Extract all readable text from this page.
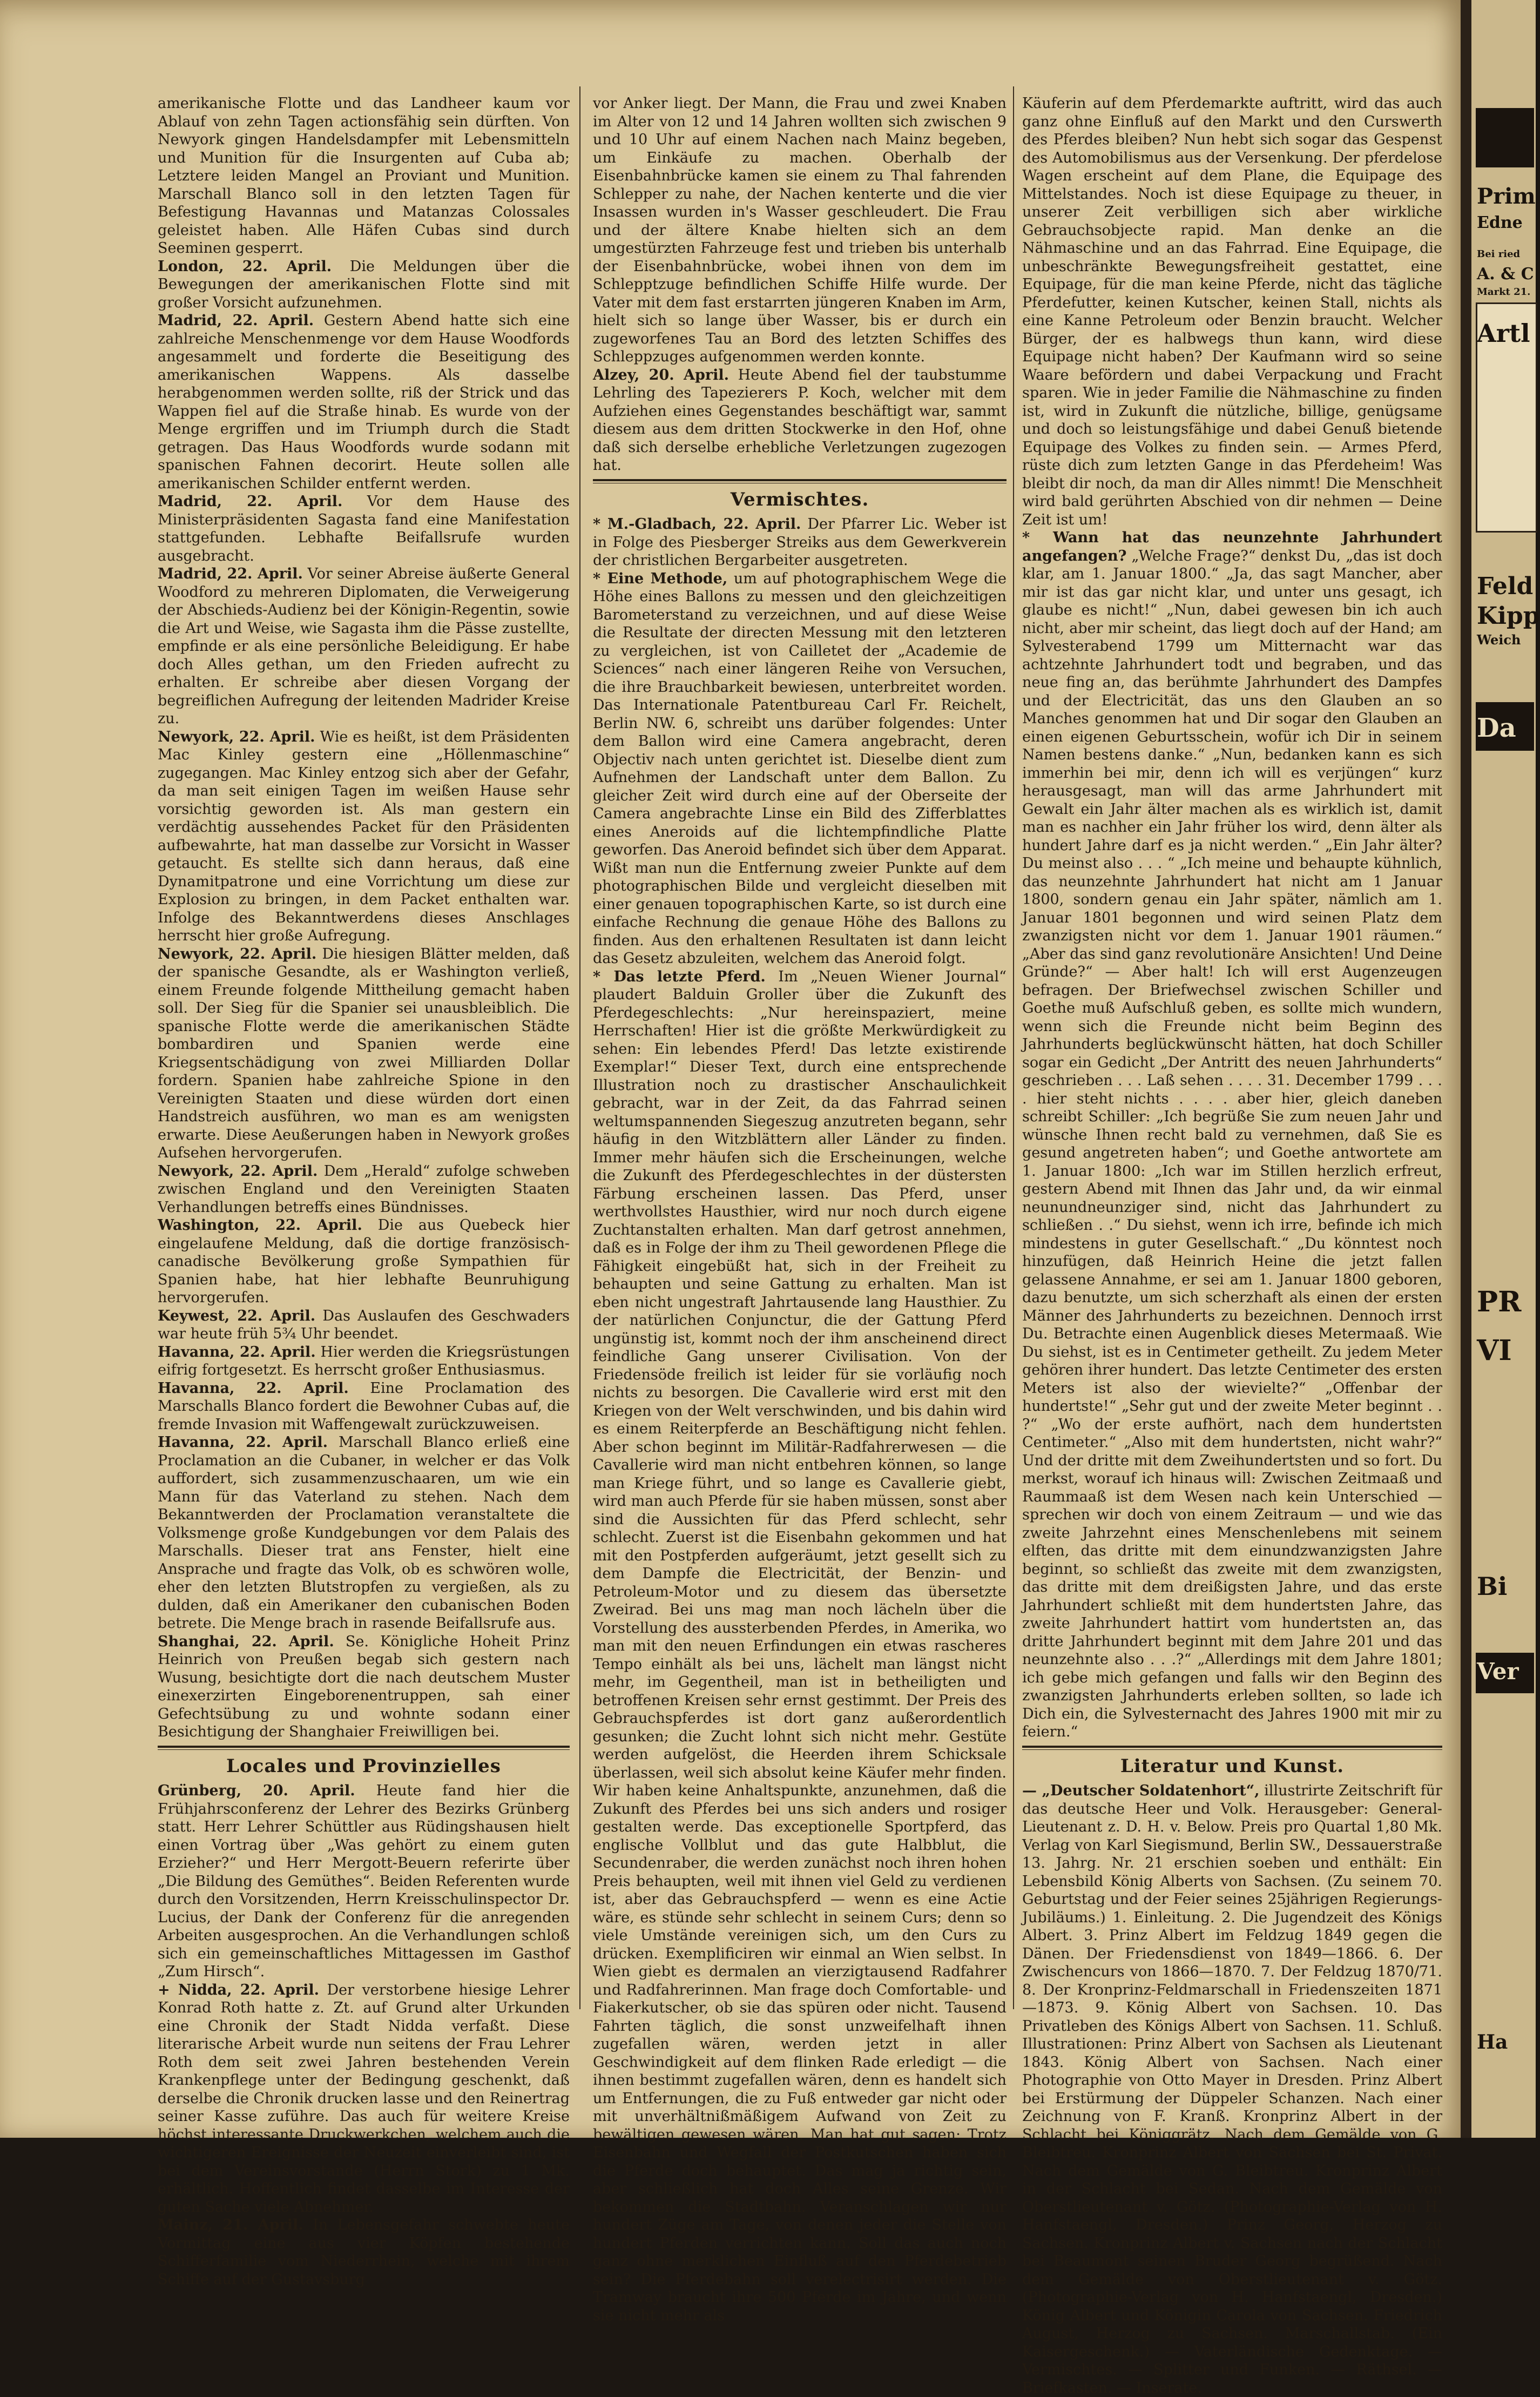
amerikanische Flotte und das Landheer kaum vor Ablauf von zehn Tagen actionsfähig sein dürften. Von Newyork gingen Handelsdampfer mit Lebensmitteln und Munition für die Insurgenten auf Cuba ab; Letztere leiden Mangel an Proviant und Munition. Marschall Blanco soll in den letzten Tagen für Befestigung Havannas und Matanzas Colossales geleistet haben. Alle Häfen Cubas sind durch Seeminen gesperrt.

London, 22. April. Die Meldungen über die Bewegungen der amerikanischen Flotte sind mit großer Vorsicht aufzunehmen.

Madrid, 22. April. Gestern Abend hatte sich eine zahlreiche Menschenmenge vor dem Hause Woodfords angesammelt und forderte die Beseitigung des amerikanischen Wappens. Als dasselbe herabgenommen werden sollte, riß der Strick und das Wappen fiel auf die Straße hinab. Es wurde von der Menge ergriffen und im Triumph durch die Stadt getragen. Das Haus Woodfords wurde sodann mit spanischen Fahnen decorirt. Heute sollen alle amerikanischen Schilder entfernt werden.

Madrid, 22. April. Vor dem Hause des Ministerpräsidenten Sagasta fand eine Manifestation stattgefunden. Lebhafte Beifallsrufe wurden ausgebracht.

Madrid, 22. April. Vor seiner Abreise äußerte General Woodford zu mehreren Diplomaten, die Verweigerung der Abschieds-Audienz bei der Königin-Regentin, sowie die Art und Weise, wie Sagasta ihm die Pässe zustellte, empfinde er als eine persönliche Beleidigung. Er habe doch Alles gethan, um den Frieden aufrecht zu erhalten. Er schreibe aber diesen Vorgang der begreiflichen Aufregung der leitenden Madrider Kreise zu.

Newyork, 22. April. Wie es heißt, ist dem Präsidenten Mac Kinley gestern eine „Höllenmaschine“ zugegangen. Mac Kinley entzog sich aber der Gefahr, da man seit einigen Tagen im weißen Hause sehr vorsichtig geworden ist. Als man gestern ein verdächtig aussehendes Packet für den Präsidenten aufbewahrte, hat man dasselbe zur Vorsicht in Wasser getaucht. Es stellte sich dann heraus, daß eine Dynamitpatrone und eine Vorrichtung um diese zur Explosion zu bringen, in dem Packet enthalten war. Infolge des Bekanntwerdens dieses Anschlages herrscht hier große Aufregung.

Newyork, 22. April. Die hiesigen Blätter melden, daß der spanische Gesandte, als er Washington verließ, einem Freunde folgende Mittheilung gemacht haben soll. Der Sieg für die Spanier sei unausbleiblich. Die spanische Flotte werde die amerikanischen Städte bombardiren und Spanien werde eine Kriegsentschädigung von zwei Milliarden Dollar fordern. Spanien habe zahlreiche Spione in den Vereinigten Staaten und diese würden dort einen Handstreich ausführen, wo man es am wenigsten erwarte. Diese Aeußerungen haben in Newyork großes Aufsehen hervorgerufen.

Newyork, 22. April. Dem „Herald“ zufolge schweben zwischen England und den Vereinigten Staaten Verhandlungen betreffs eines Bündnisses.

Washington, 22. April. Die aus Quebeck hier eingelaufene Meldung, daß die dortige französisch-canadische Bevölkerung große Sympathien für Spanien habe, hat hier lebhafte Beunruhigung hervorgerufen.

Keywest, 22. April. Das Auslaufen des Geschwaders war heute früh 5¾ Uhr beendet.

Havanna, 22. April. Hier werden die Kriegsrüstungen eifrig fortgesetzt. Es herrscht großer Enthusiasmus.

Havanna, 22. April. Eine Proclamation des Marschalls Blanco fordert die Bewohner Cubas auf, die fremde Invasion mit Waffengewalt zurückzuweisen.

Havanna, 22. April. Marschall Blanco erließ eine Proclamation an die Cubaner, in welcher er das Volk auffordert, sich zusammenzuschaaren, um wie ein Mann für das Vaterland zu stehen. Nach dem Bekanntwerden der Proclamation veranstaltete die Volksmenge große Kundgebungen vor dem Palais des Marschalls. Dieser trat ans Fenster, hielt eine Ansprache und fragte das Volk, ob es schwören wolle, eher den letzten Blutstropfen zu vergießen, als zu dulden, daß ein Amerikaner den cubanischen Boden betrete. Die Menge brach in rasende Beifallsrufe aus.

Shanghai, 22. April. Se. Königliche Hoheit Prinz Heinrich von Preußen begab sich gestern nach Wusung, besichtigte dort die nach deutschem Muster einexerzirten Eingeborenentruppen, sah einer Gefechtsübung zu und wohnte sodann einer Besichtigung der Shanghaier Freiwilligen bei.

Locales und Provinzielles

Grünberg, 20. April. Heute fand hier die Frühjahrsconferenz der Lehrer des Bezirks Grünberg statt. Herr Lehrer Schüttler aus Rüdingshausen hielt einen Vortrag über „Was gehört zu einem guten Erzieher?“ und Herr Mergott-Beuern referirte über „Die Bildung des Gemüthes“. Beiden Referenten wurde durch den Vorsitzenden, Herrn Kreisschulinspector Dr. Lucius, der Dank der Conferenz für die anregenden Arbeiten ausgesprochen. An die Verhandlungen schloß sich ein gemeinschaftliches Mittagessen im Gasthof „Zum Hirsch“.

+ Nidda, 22. April. Der verstorbene hiesige Lehrer Konrad Roth hatte z. Zt. auf Grund alter Urkunden eine Chronik der Stadt Nidda verfaßt. Diese literarische Arbeit wurde nun seitens der Frau Lehrer Roth dem seit zwei Jahren bestehenden Verein Krankenpflege unter der Bedingung geschenkt, daß derselbe die Chronik drucken lasse und den Reinertrag seiner Kasse zuführe. Das auch für weitere Kreise höchst interessante Druckwerkchen, welchem auch die wichtigeren Ereignisse der Neuzeit einverleibt sind, ist bei dem Vereinsvorstande (Herrn Stork) zu 1 Mk. erhältlich. Hoffentlich findet dasselbe im Interesse der guten Sache viele Abnehmer.

Mainz, 21. April. In Lebensgefahr schwebte heute Vormittag eine aus vier Köpfen bestehende Schifferfamilie vom Niederrhein, welche mit ihrem Schiffe auf der Gustavsburg

vor Anker liegt. Der Mann, die Frau und zwei Knaben im Alter von 12 und 14 Jahren wollten sich zwischen 9 und 10 Uhr auf einem Nachen nach Mainz begeben, um Einkäufe zu machen. Oberhalb der Eisenbahnbrücke kamen sie einem zu Thal fahrenden Schlepper zu nahe, der Nachen kenterte und die vier Insassen wurden in's Wasser geschleudert. Die Frau und der ältere Knabe hielten sich an dem umgestürzten Fahrzeuge fest und trieben bis unterhalb der Eisenbahnbrücke, wobei ihnen von dem im Schlepptzuge befindlichen Schiffe Hilfe wurde. Der Vater mit dem fast erstarrten jüngeren Knaben im Arm, hielt sich so lange über Wasser, bis er durch ein zugeworfenes Tau an Bord des letzten Schiffes des Schleppzuges aufgenommen werden konnte.

Alzey, 20. April. Heute Abend fiel der taubstumme Lehrling des Tapezierers P. Koch, welcher mit dem Aufziehen eines Gegenstandes beschäftigt war, sammt diesem aus dem dritten Stockwerke in den Hof, ohne daß sich derselbe erhebliche Verletzungen zugezogen hat.

Vermischtes.

* M.-Gladbach, 22. April. Der Pfarrer Lic. Weber ist in Folge des Piesberger Streiks aus dem Gewerkverein der christlichen Bergarbeiter ausgetreten.

* Eine Methode, um auf photographischem Wege die Höhe eines Ballons zu messen und den gleichzeitigen Barometerstand zu verzeichnen, und auf diese Weise die Resultate der directen Messung mit den letzteren zu vergleichen, ist von Cailletet der „Academie de Sciences“ nach einer längeren Reihe von Versuchen, die ihre Brauchbarkeit bewiesen, unterbreitet worden. Das Internationale Patentbureau Carl Fr. Reichelt, Berlin NW. 6, schreibt uns darüber folgendes: Unter dem Ballon wird eine Camera angebracht, deren Objectiv nach unten gerichtet ist. Dieselbe dient zum Aufnehmen der Landschaft unter dem Ballon. Zu gleicher Zeit wird durch eine auf der Oberseite der Camera angebrachte Linse ein Bild des Zifferblattes eines Aneroids auf die lichtempfindliche Platte geworfen. Das Aneroid befindet sich über dem Apparat. Wißt man nun die Entfernung zweier Punkte auf dem photographischen Bilde und vergleicht dieselben mit einer genauen topographischen Karte, so ist durch eine einfache Rechnung die genaue Höhe des Ballons zu finden. Aus den erhaltenen Resultaten ist dann leicht das Gesetz abzuleiten, welchem das Aneroid folgt.

* Das letzte Pferd. Im „Neuen Wiener Journal“ plaudert Balduin Groller über die Zukunft des Pferdegeschlechts: „Nur hereinspaziert, meine Herrschaften! Hier ist die größte Merkwürdigkeit zu sehen: Ein lebendes Pferd! Das letzte existirende Exemplar!“ Dieser Text, durch eine entsprechende Illustration noch zu drastischer Anschaulichkeit gebracht, war in der Zeit, da das Fahrrad seinen weltumspannenden Siegeszug anzutreten begann, sehr häufig in den Witzblättern aller Länder zu finden. Immer mehr häufen sich die Erscheinungen, welche die Zukunft des Pferdegeschlechtes in der düstersten Färbung erscheinen lassen. Das Pferd, unser werthvollstes Hausthier, wird nur noch durch eigene Zuchtanstalten erhalten. Man darf getrost annehmen, daß es in Folge der ihm zu Theil gewordenen Pflege die Fähigkeit eingebüßt hat, sich in der Freiheit zu behaupten und seine Gattung zu erhalten. Man ist eben nicht ungestraft Jahrtausende lang Hausthier. Zu der natürlichen Conjunctur, die der Gattung Pferd ungünstig ist, kommt noch der ihm anscheinend direct feindliche Gang unserer Civilisation. Von der Friedensöde freilich ist leider für sie vorläufig noch nichts zu besorgen. Die Cavallerie wird erst mit den Kriegen von der Welt verschwinden, und bis dahin wird es einem Reiterpferde an Beschäftigung nicht fehlen. Aber schon beginnt im Militär-Radfahrerwesen — die Cavallerie wird man nicht entbehren können, so lange man Kriege führt, und so lange es Cavallerie giebt, wird man auch Pferde für sie haben müssen, sonst aber sind die Aussichten für das Pferd schlecht, sehr schlecht. Zuerst ist die Eisenbahn gekommen und hat mit den Postpferden aufgeräumt, jetzt gesellt sich zu dem Dampfe die Electricität, der Benzin- und Petroleum-Motor und zu diesem das übersetzte Zweirad. Bei uns mag man noch lächeln über die Vorstellung des aussterbenden Pferdes, in Amerika, wo man mit den neuen Erfindungen ein etwas rascheres Tempo einhält als bei uns, lächelt man längst nicht mehr, im Gegentheil, man ist in betheiligten und betroffenen Kreisen sehr ernst gestimmt. Der Preis des Gebrauchspferdes ist dort ganz außerordentlich gesunken; die Zucht lohnt sich nicht mehr. Gestüte werden aufgelöst, die Heerden ihrem Schicksale überlassen, weil sich absolut keine Käufer mehr finden. Wir haben keine Anhaltspunkte, anzunehmen, daß die Zukunft des Pferdes bei uns sich anders und rosiger gestalten werde. Das exceptionelle Sportpferd, das englische Vollblut und das gute Halbblut, die Secundenraber, die werden zunächst noch ihren hohen Preis behaupten, weil mit ihnen viel Geld zu verdienen ist, aber das Gebrauchspferd — wenn es eine Actie wäre, es stünde sehr schlecht in seinem Curs; denn so viele Umstände vereinigen sich, um den Curs zu drücken. Exemplificiren wir einmal an Wien selbst. In Wien giebt es dermalen an vierzigtausend Radfahrer und Radfahrerinnen. Man frage doch Comfortable- und Fiakerkutscher, ob sie das spüren oder nicht. Tausend Fahrten täglich, die sonst unzweifelhaft ihnen zugefallen wären, werden jetzt in aller Geschwindigkeit auf dem flinken Rade erledigt — die ihnen bestimmt zugefallen wären, denn es handelt sich um Entfernungen, die zu Fuß entweder gar nicht oder mit unverhältnißmäßigem Aufwand von Zeit zu bewältigen gewesen wären. Man hat gut sagen: Trotz Eisenbahn und Wegfall der Postkutschen haben sich die Pferde doch behauptet. Das mag ja richtig sein, aber schließlich hat doch Alles seine Grenze. Wir bekommen die Stadtbahn. Veranschlagen wir nur hundert Züge am Tage, von denen jeder die Stelle von hundert Pferden verrichten kann. Soll das auch noch ganz ohne merklichen Einfluß auf den Pferdebetrieb sein? Die Pferdebahn soll verelectrisirt werden. Die Tramway braucht ihre 500 Pferde im Jahre, und wenn sie nicht mehr als

Käuferin auf dem Pferdemarkte auftritt, wird das auch ganz ohne Einfluß auf den Markt und den Curswerth des Pferdes bleiben? Nun hebt sich sogar das Gespenst des Automobilismus aus der Versenkung. Der pferdelose Wagen erscheint auf dem Plane, die Equipage des Mittelstandes. Noch ist diese Equipage zu theuer, in unserer Zeit verbilligen sich aber wirkliche Gebrauchsobjecte rapid. Man denke an die Nähmaschine und an das Fahrrad. Eine Equipage, die unbeschränkte Bewegungsfreiheit gestattet, eine Equipage, für die man keine Pferde, nicht das tägliche Pferdefutter, keinen Kutscher, keinen Stall, nichts als eine Kanne Petroleum oder Benzin braucht. Welcher Bürger, der es halbwegs thun kann, wird diese Equipage nicht haben? Der Kaufmann wird so seine Waare befördern und dabei Verpackung und Fracht sparen. Wie in jeder Familie die Nähmaschine zu finden ist, wird in Zukunft die nützliche, billige, genügsame und doch so leistungsfähige und dabei Genuß bietende Equipage des Volkes zu finden sein. — Armes Pferd, rüste dich zum letzten Gange in das Pferdeheim! Was bleibt dir noch, da man dir Alles nimmt! Die Menschheit wird bald gerührten Abschied von dir nehmen — Deine Zeit ist um!

* Wann hat das neunzehnte Jahrhundert angefangen? „Welche Frage?“ denkst Du, „das ist doch klar, am 1. Januar 1800.“ „Ja, das sagt Mancher, aber mir ist das gar nicht klar, und unter uns gesagt, ich glaube es nicht!“ „Nun, dabei gewesen bin ich auch nicht, aber mir scheint, das liegt doch auf der Hand; am Sylvesterabend 1799 um Mitternacht war das achtzehnte Jahrhundert todt und begraben, und das neue fing an, das berühmte Jahrhundert des Dampfes und der Electricität, das uns den Glauben an so Manches genommen hat und Dir sogar den Glauben an einen eigenen Geburtsschein, wofür ich Dir in seinem Namen bestens danke.“ „Nun, bedanken kann es sich immerhin bei mir, denn ich will es verjüngen“ kurz herausgesagt, man will das arme Jahrhundert mit Gewalt ein Jahr älter machen als es wirklich ist, damit man es nachher ein Jahr früher los wird, denn älter als hundert Jahre darf es ja nicht werden.“ „Ein Jahr älter? Du meinst also . . . “ „Ich meine und behaupte kühnlich, das neunzehnte Jahrhundert hat nicht am 1 Januar 1800, sondern genau ein Jahr später, nämlich am 1. Januar 1801 begonnen und wird seinen Platz dem zwanzigsten nicht vor dem 1. Januar 1901 räumen.“ „Aber das sind ganz revolutionäre Ansichten! Und Deine Gründe?“ — Aber halt! Ich will erst Augenzeugen befragen. Der Briefwechsel zwischen Schiller und Goethe muß Aufschluß geben, es sollte mich wundern, wenn sich die Freunde nicht beim Beginn des Jahrhunderts beglückwünscht hätten, hat doch Schiller sogar ein Gedicht „Der Antritt des neuen Jahrhunderts“ geschrieben . . . Laß sehen . . . . 31. December 1799 . . . . hier steht nichts . . . . aber hier, gleich daneben schreibt Schiller: „Ich begrüße Sie zum neuen Jahr und wünsche Ihnen recht bald zu vernehmen, daß Sie es gesund angetreten haben“; und Goethe antwortete am 1. Januar 1800: „Ich war im Stillen herzlich erfreut, gestern Abend mit Ihnen das Jahr und, da wir einmal neunundneunziger sind, nicht das Jahrhundert zu schließen . .“ Du siehst, wenn ich irre, befinde ich mich mindestens in guter Gesellschaft.“ „Du könntest noch hinzufügen, daß Heinrich Heine die jetzt fallen gelassene Annahme, er sei am 1. Januar 1800 geboren, dazu benutzte, um sich scherzhaft als einen der ersten Männer des Jahrhunderts zu bezeichnen. Dennoch irrst Du. Betrachte einen Augenblick dieses Metermaaß. Wie Du siehst, ist es in Centimeter getheilt. Zu jedem Meter gehören ihrer hundert. Das letzte Centimeter des ersten Meters ist also der wievielte?“ „Offenbar der hundertste!“ „Sehr gut und der zweite Meter beginnt . . ?“ „Wo der erste aufhört, nach dem hundertsten Centimeter.“ „Also mit dem hundertsten, nicht wahr?“ Und der dritte mit dem Zweihundertsten und so fort. Du merkst, worauf ich hinaus will: Zwischen Zeitmaaß und Raummaaß ist dem Wesen nach kein Unterschied — sprechen wir doch von einem Zeitraum — und wie das zweite Jahrzehnt eines Menschenlebens mit seinem elften, das dritte mit dem einundzwanzigsten Jahre beginnt, so schließt das zweite mit dem zwanzigsten, das dritte mit dem dreißigsten Jahre, und das erste Jahrhundert schließt mit dem hundertsten Jahre, das zweite Jahrhundert hattirt vom hundertsten an, das dritte Jahrhundert beginnt mit dem Jahre 201 und das neunzehnte also . . .?“ „Allerdings mit dem Jahre 1801; ich gebe mich gefangen und falls wir den Beginn des zwanzigsten Jahrhunderts erleben sollten, so lade ich Dich ein, die Sylvesternacht des Jahres 1900 mit mir zu feiern.“

Literatur und Kunst.

— „Deutscher Soldatenhort“, illustrirte Zeitschrift für das deutsche Heer und Volk. Herausgeber: General-Lieutenant z. D. H. v. Below. Preis pro Quartal 1,80 Mk. Verlag von Karl Siegismund, Berlin SW., Dessauerstraße 13. Jahrg. Nr. 21 erschien soeben und enthält: Ein Lebensbild König Alberts von Sachsen. (Zu seinem 70. Geburtstag und der Feier seines 25jährigen Regierungs-Jubiläums.) 1. Einleitung. 2. Die Jugendzeit des Königs Albert. 3. Prinz Albert im Feldzug 1849 gegen die Dänen. Der Friedensdienst von 1849—1866. 6. Der Zwischencurs von 1866—1870. 7. Der Feldzug 1870/71. 8. Der Kronprinz-Feldmarschall in Friedenszeiten 1871—1873. 9. König Albert von Sachsen. 10. Das Privatleben des Königs Albert von Sachsen. 11. Schluß. Illustrationen: Prinz Albert von Sachsen als Lieutenant 1843. König Albert von Sachsen. Nach einer Photographie von Otto Mayer in Dresden. Prinz Albert bei Erstürmung der Düppeler Schanzen. Nach einer Zeichnung von F. Kranß. Kronprinz Albert in der Schlacht bei Königgrätz. Nach dem Gemälde von G. Bleibtreu. Kronprinz Albert von Sachsen bei St. Privat. Nach dem Gemälde von G. Bleibtreu. Kronprinz Albert in der Schlacht bei Sedan. Nach dem Gemälde von Oberstlieutenant v. Götz. (Photographie-Verlag von H. Hanfstaengl, Dresden.) Prinz Georg, Herzog zu Sachsen. Kronprinz Albert v. Sachsen nach der Schlacht bei Beaumont seinen Bruder Georg begrüßend. Nach dem Gemälde von Oberstlieutenant v. Götz. (Photographie-Verlag von H. Hanfstaengl, Dresden.) König Albert und Königin Carola von Sachsen. Friedrich August, Herzog zu Sachsen. Marschallstab. (Ein Kaisergeschenk.) — Vaterländische Gedenktage. — Vermischtes. — Splitter und Funken. — Räthsel. — Briefkasten. — Inserate.

Prim
Edne
Bei ried
A. & C
Markt 21.
Artl
Feld
Kipp
Weich
Da
PR
VI
Bi
Ver
Ha
